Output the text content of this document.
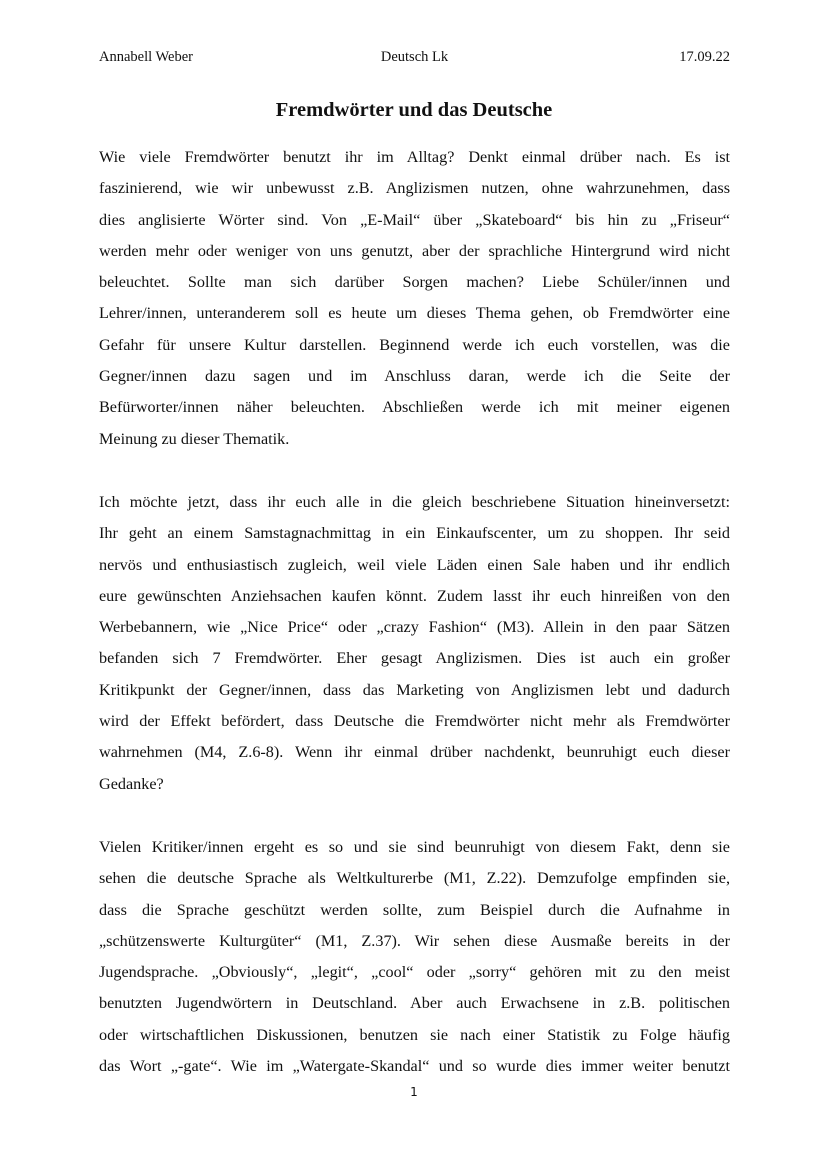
Annabell Weber	Deutsch Lk	17.09.22
Fremdwörter und das Deutsche
Wie viele Fremdwörter benutzt ihr im Alltag? Denkt einmal drüber nach. Es ist
faszinierend, wie wir unbewusst z.B. Anglizismen nutzen, ohne wahrzunehmen, dass
dies anglisierte Wörter sind. Von „E-Mail“ über „Skateboard“ bis hin zu „Friseur“
werden mehr oder weniger von uns genutzt, aber der sprachliche Hintergrund wird nicht
beleuchtet. Sollte man sich darüber Sorgen machen? Liebe Schüler/innen und
Lehrer/innen, unteranderem soll es heute um dieses Thema gehen, ob Fremdwörter eine
Gefahr für unsere Kultur darstellen. Beginnend werde ich euch vorstellen, was die
Gegner/innen dazu sagen und im Anschluss daran, werde ich die Seite der
Befürworter/innen näher beleuchten. Abschließen werde ich mit meiner eigenen
Meinung zu dieser Thematik.
Ich möchte jetzt, dass ihr euch alle in die gleich beschriebene Situation hineinversetzt:
Ihr geht an einem Samstagnachmittag in ein Einkaufscenter, um zu shoppen. Ihr seid
nervös und enthusiastisch zugleich, weil viele Läden einen Sale haben und ihr endlich
eure gewünschten Anziehsachen kaufen könnt. Zudem lasst ihr euch hinreißen von den
Werbebannern, wie „Nice Price“ oder „crazy Fashion“ (M3). Allein in den paar Sätzen
befanden sich 7 Fremdwörter. Eher gesagt Anglizismen. Dies ist auch ein großer
Kritikpunkt der Gegner/innen, dass das Marketing von Anglizismen lebt und dadurch
wird der Effekt befördert, dass Deutsche die Fremdwörter nicht mehr als Fremdwörter
wahrnehmen (M4, Z.6-8). Wenn ihr einmal drüber nachdenkt, beunruhigt euch dieser
Gedanke?
Vielen Kritiker/innen ergeht es so und sie sind beunruhigt von diesem Fakt, denn sie
sehen die deutsche Sprache als Weltkulturerbe (M1, Z.22). Demzufolge empfinden sie,
dass die Sprache geschützt werden sollte, zum Beispiel durch die Aufnahme in
„schützenswerte Kulturgüter“ (M1, Z.37). Wir sehen diese Ausmaße bereits in der
Jugendsprache. „Obviously“, „legit“, „cool“ oder „sorry“ gehören mit zu den meist
benutzten Jugendwörtern in Deutschland. Aber auch Erwachsene in z.B. politischen
oder wirtschaftlichen Diskussionen, benutzen sie nach einer Statistik zu Folge häufig
das Wort „-gate“. Wie im „Watergate-Skandal“ und so wurde dies immer weiter benutzt
1
